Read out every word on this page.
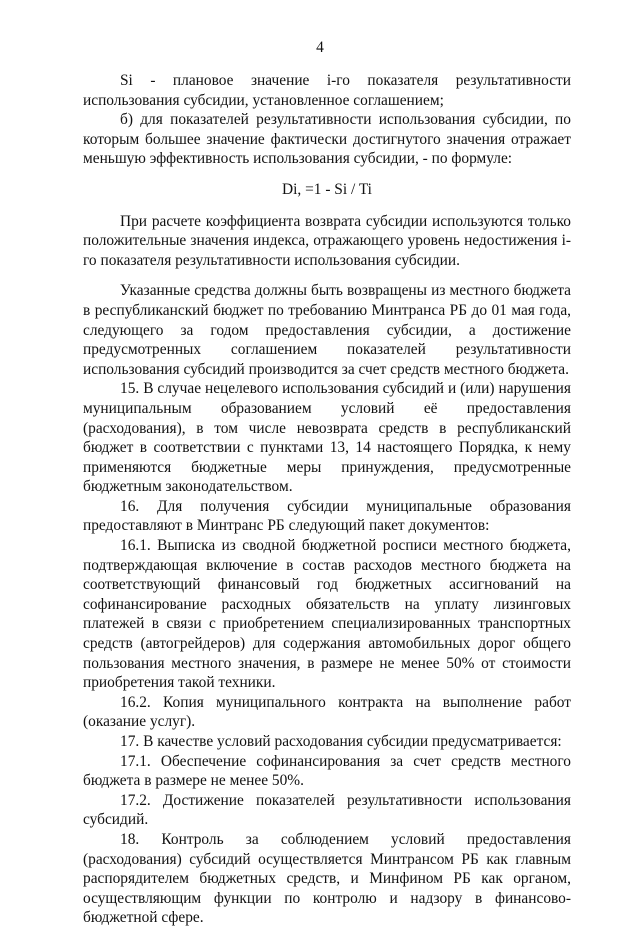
4

Si - плановое значение i-го показателя результативности использования субсидии, установленное соглашением;

б) для показателей результативности использования субсидии, по которым большее значение фактически достигнутого значения отражает меньшую эффективность использования субсидии, - по формуле:

Di, =1 - Si / Ti

При расчете коэффициента возврата субсидии используются только положительные значения индекса, отражающего уровень недостижения i-го показателя результативности использования субсидии.

Указанные средства должны быть возвращены из местного бюджета в республиканский бюджет по требованию Минтранса РБ до 01 мая года, следующего за годом предоставления субсидии, а достижение предусмотренных соглашением показателей результативности использования субсидий производится за счет средств местного бюджета.

15. В случае нецелевого использования субсидий и (или) нарушения муниципальным образованием условий её предоставления (расходования), в том числе невозврата средств в республиканский бюджет в соответствии с пунктами 13, 14 настоящего Порядка, к нему применяются бюджетные меры принуждения, предусмотренные бюджетным законодательством.

16. Для получения субсидии муниципальные образования предоставляют в Минтранс РБ следующий пакет документов:

16.1. Выписка из сводной бюджетной росписи местного бюджета, подтверждающая включение в состав расходов местного бюджета на соответствующий финансовый год бюджетных ассигнований на софинансирование расходных обязательств на уплату лизинговых платежей в связи с приобретением специализированных транспортных средств (автогрейдеров) для содержания автомобильных дорог общего пользования местного значения, в размере не менее 50% от стоимости приобретения такой техники.

16.2. Копия муниципального контракта на выполнение работ (оказание услуг).

17. В качестве условий расходования субсидии предусматривается:

17.1. Обеспечение софинансирования за счет средств местного бюджета в размере не менее 50%.

17.2. Достижение показателей результативности использования субсидий.

18. Контроль за соблюдением условий предоставления (расходования) субсидий осуществляется Минтрансом РБ как главным распорядителем бюджетных средств, и Минфином РБ как органом, осуществляющим функции по контролю и надзору в финансово-бюджетной сфере.
